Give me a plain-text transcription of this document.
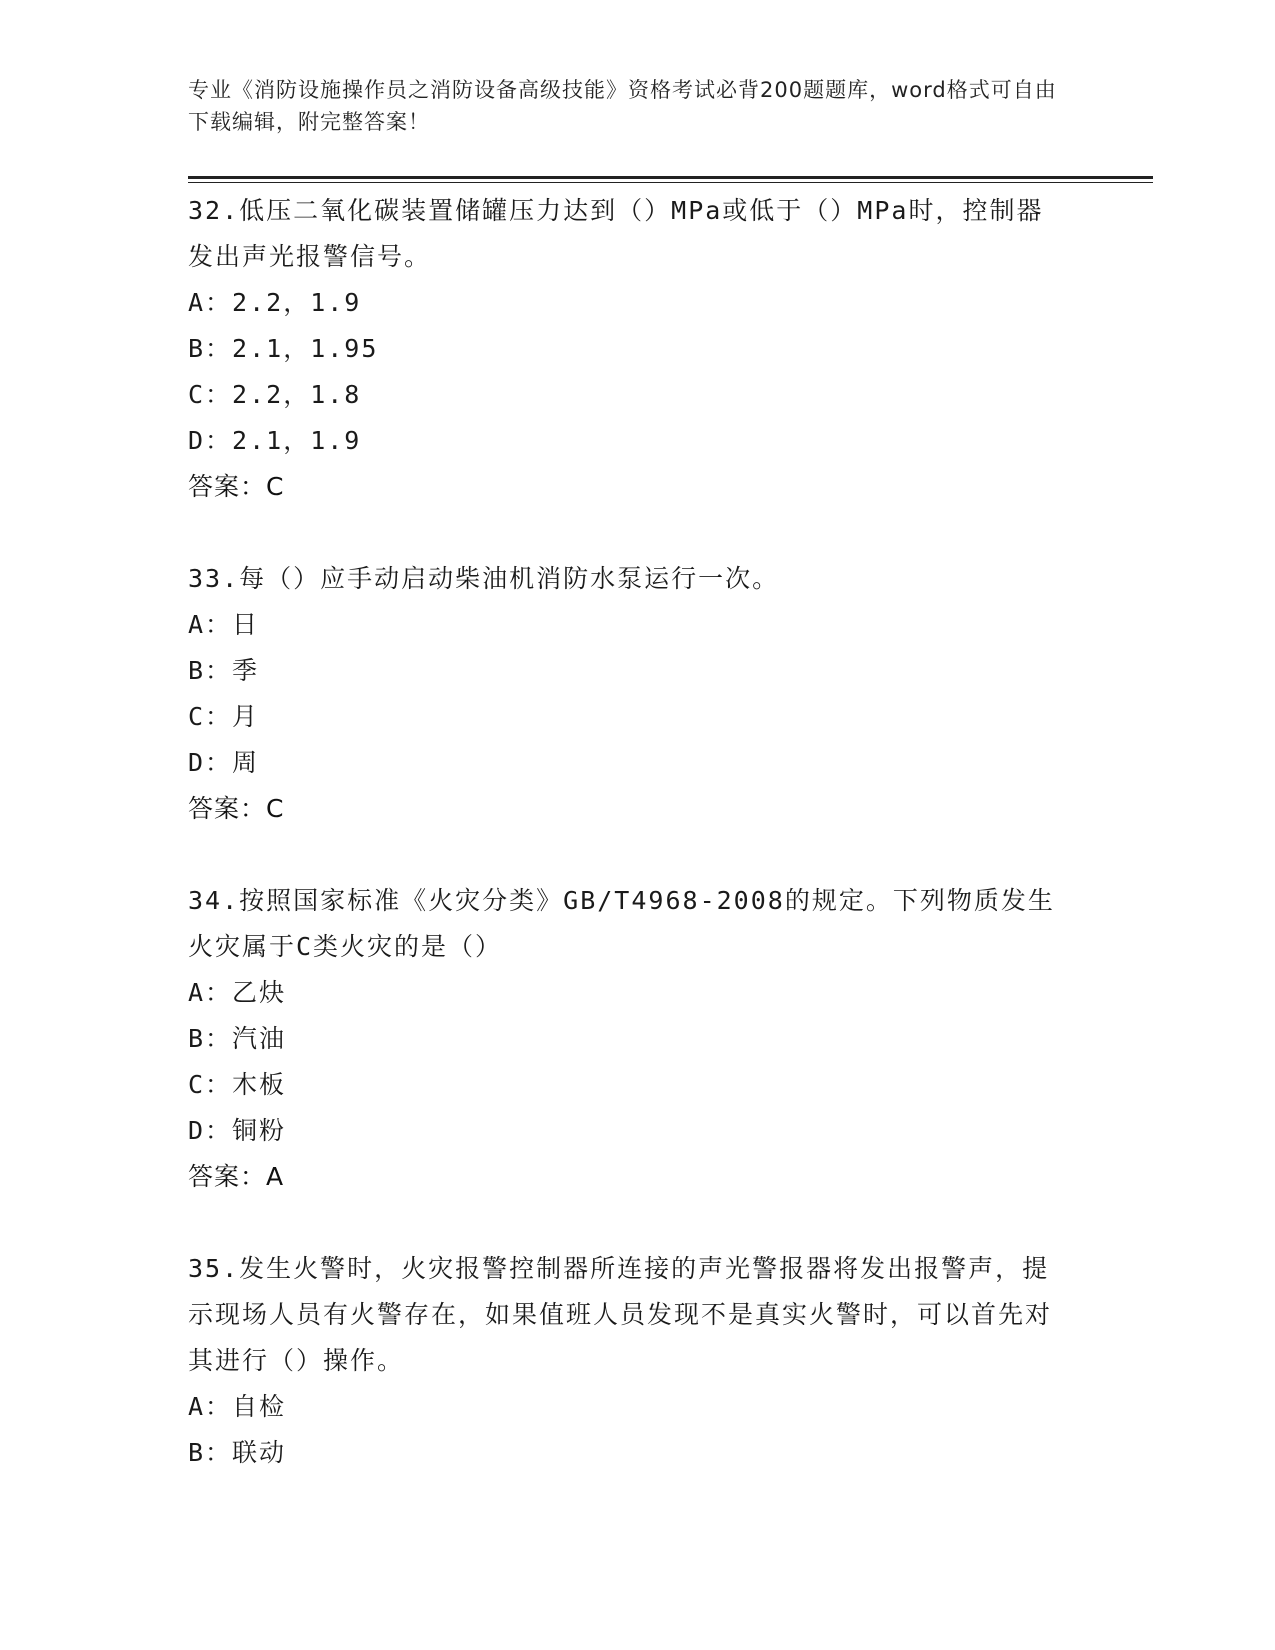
专业《消防设施操作员之消防设备高级技能》资格考试必背200题题库，word格式可自由下载编辑，附完整答案！

32.低压二氧化碳装置储罐压力达到（）MPa或低于（）MPa时，控制器发出声光报警信号。

A：2.2，1.9

B：2.1，1.95

C：2.2，1.8

D：2.1，1.9

答案：C

33.每（）应手动启动柴油机消防水泵运行一次。

A：日

B：季

C：月

D：周

答案：C

34.按照国家标准《火灾分类》GB/T4968-2008的规定。下列物质发生火灾属于C类火灾的是（）

A：乙炔

B：汽油

C：木板

D：铜粉

答案：A

35.发生火警时，火灾报警控制器所连接的声光警报器将发出报警声，提示现场人员有火警存在，如果值班人员发现不是真实火警时，可以首先对其进行（）操作。

A：自检

B：联动
